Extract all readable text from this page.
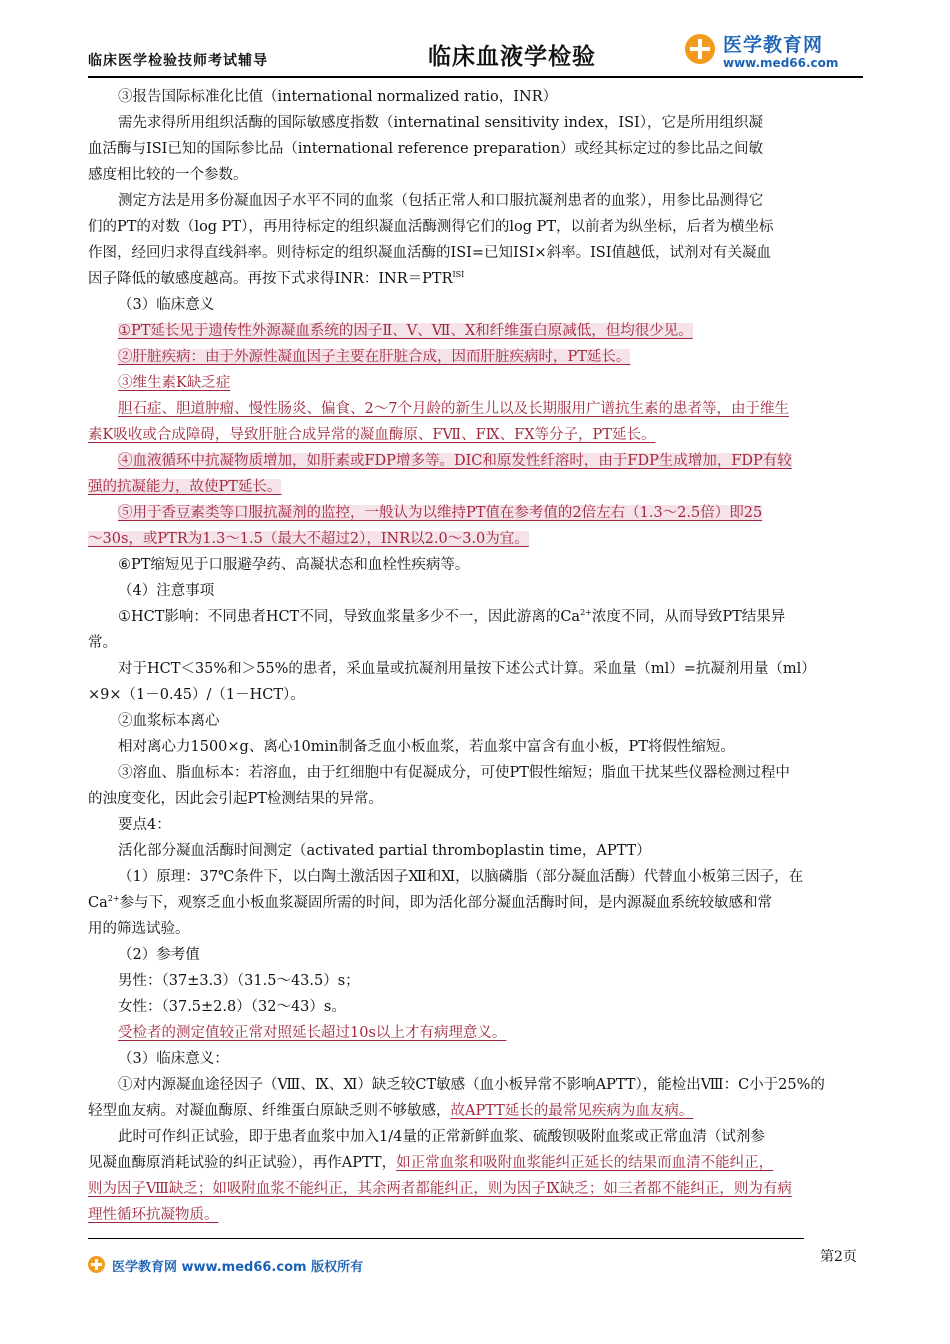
临床医学检验技师考试辅导	临床血液学检验	医学教育网
www.med66.com
③报告国际标准化比值（international normalized ratio，INR）
需先求得所用组织活酶的国际敏感度指数（internatinal sensitivity index，ISI），它是所用组织凝
血活酶与ISI已知的国际参比品（international reference preparation）或经其标定过的参比品之间敏
感度相比较的一个参数。
测定方法是用多份凝血因子水平不同的血浆（包括正常人和口服抗凝剂患者的血浆），用参比品测得它
们的PT的对数（log PT），再用待标定的组织凝血活酶测得它们的log PT，以前者为纵坐标，后者为横坐标
作图，经回归求得直线斜率。则待标定的组织凝血活酶的ISI=已知ISI×斜率。ISI值越低，试剂对有关凝血
因子降低的敏感度越高。再按下式求得INR：$INR=PTR^{ISI}$
（3）临床意义
①PT延长见于遗传性外源凝血系统的因子Ⅱ、Ⅴ、Ⅶ、Ⅹ和纤维蛋白原减低，但均很少见。
②肝脏疾病：由于外源性凝血因子主要在肝脏合成，因而肝脏疾病时，PT延长。
③维生素K缺乏症
胆石症、胆道肿瘤、慢性肠炎、偏食、2～7个月龄的新生儿以及长期服用广谱抗生素的患者等，由于维生
素K吸收或合成障碍，导致肝脏合成异常的凝血酶原、FⅦ、FⅨ、FⅩ等分子，PT延长。
④血液循环中抗凝物质增加，如肝素或FDP增多等。DIC和原发性纤溶时，由于FDP生成增加，FDP有较
强的抗凝能力，故使PT延长。
⑤用于香豆素类等口服抗凝剂的监控，一般认为以维持PT值在参考值的2倍左右（1.3～2.5倍）即25
～30s，或PTR为1.3～1.5（最大不超过2），INR以2.0～3.0为宜。
⑥PT缩短见于口服避孕药、高凝状态和血栓性疾病等。
（4）注意事项
①HCT影响：不同患者HCT不同，导致血浆量多少不一，因此游离的$Ca^{2+}$浓度不同，从而导致PT结果异
常。
对于HCT＜35%和＞55%的患者，采血量或抗凝剂用量按下述公式计算。采血量（ml）=抗凝剂用量（ml）
×9×（1－0.45）/（1－HCT）。
②血浆标本离心
相对离心力1500×g、离心10min制备乏血小板血浆，若血浆中富含有血小板，PT将假性缩短。
③溶血、脂血标本：若溶血，由于红细胞中有促凝成分，可使PT假性缩短；脂血干扰某些仪器检测过程中
的浊度变化，因此会引起PT检测结果的异常。
要点4：
活化部分凝血活酶时间测定（activated partial thromboplastin time，APTT）
（1）原理：37℃条件下，以白陶土激活因子Ⅻ和Ⅺ，以脑磷脂（部分凝血活酶）代替血小板第三因子，在
$Ca^{2+}$参与下，观察乏血小板血浆凝固所需的时间，即为活化部分凝血活酶时间，是内源凝血系统较敏感和常
用的筛选试验。
（2）参考值
男性：（37±3.3）（31.5～43.5）s；
女性：（37.5±2.8）（32～43）s。
受检者的测定值较正常对照延长超过10s以上才有病理意义。
（3）临床意义：
①对内源凝血途径因子（Ⅷ、Ⅸ、Ⅺ）缺乏较CT敏感（血小板异常不影响APTT），能检出Ⅷ：C小于25%的
轻型血友病。对凝血酶原、纤维蛋白原缺乏则不够敏感，故APTT延长的最常见疾病为血友病。
此时可作纠正试验，即于患者血浆中加入1/4量的正常新鲜血浆、硫酸钡吸附血浆或正常血清（试剂参
见凝血酶原消耗试验的纠正试验），再作APTT，如正常血浆和吸附血浆能纠正延长的结果而血清不能纠正，
则为因子Ⅷ缺乏；如吸附血浆不能纠正，其余两者都能纠正，则为因子Ⅸ缺乏；如三者都不能纠正，则为有病
理性循环抗凝物质。
第2页
医学教育网 www.med66.com 版权所有
